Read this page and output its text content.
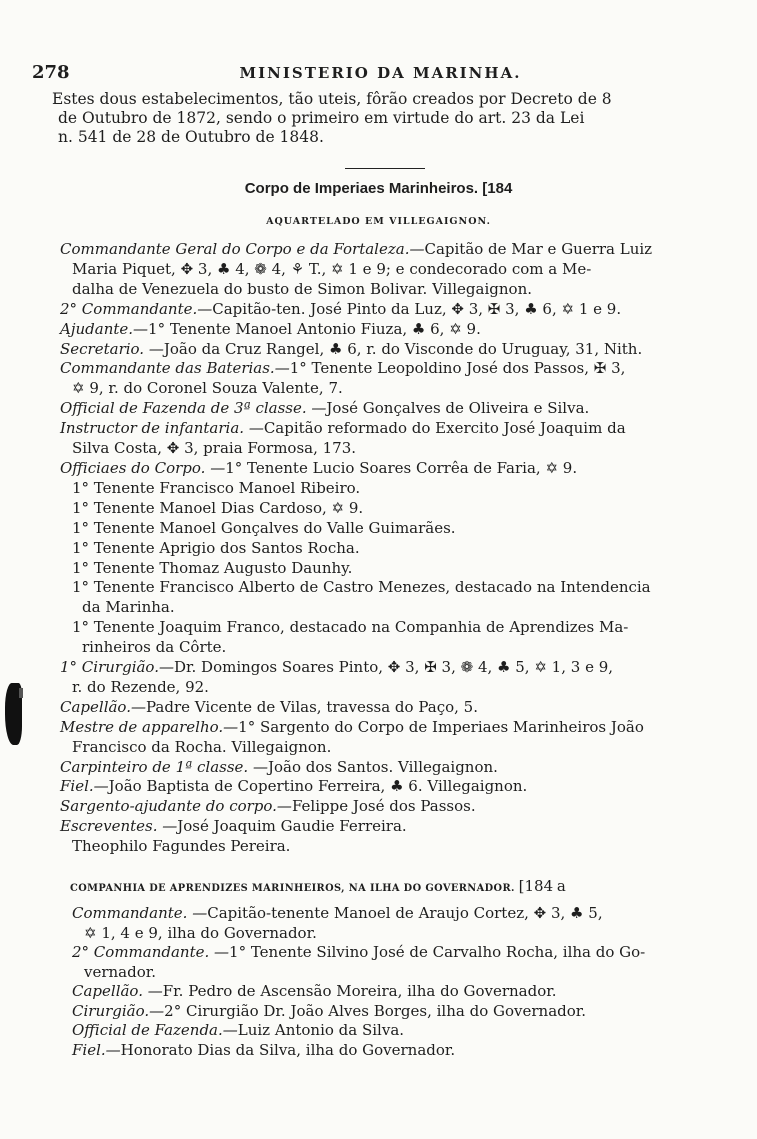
278	MINISTERIO DA MARINHA.
Estes dous estabelecimentos, tão uteis, fôrão creados por Decreto de 8
de Outubro de 1872, sendo o primeiro em virtude do art. 23 da Lei
n. 541 de 28 de Outubro de 1848.
Corpo de Imperiaes Marinheiros. [184
AQUARTELADO EM VILLEGAIGNON.
Commandante Geral do Corpo e da Fortaleza.—Capitão de Mar e Guerra Luiz
Maria Piquet, ✥ 3, ♣ 4, ❁ 4, ⚘ T., ✡ 1 e 9; e condecorado com a Me-
dalha de Venezuela do busto de Simon Bolivar. Villegaignon.
2° Commandante.—Capitão-ten. José Pinto da Luz, ✥ 3, ✠ 3, ♣ 6, ✡ 1 e 9.
Ajudante.—1° Tenente Manoel Antonio Fiuza, ♣ 6, ✡ 9.
Secretario. —João da Cruz Rangel, ♣ 6, r. do Visconde do Uruguay, 31, Nith.
Commandante das Baterias.—1° Tenente Leopoldino José dos Passos, ✠ 3,
✡ 9, r. do Coronel Souza Valente, 7.
Official de Fazenda de 3ª classe. —José Gonçalves de Oliveira e Silva.
Instructor de infantaria. —Capitão reformado do Exercito José Joaquim da
Silva Costa, ✥ 3, praia Formosa, 173.
Officiaes do Corpo. —1° Tenente Lucio Soares Corrêa de Faria, ✡ 9.
1° Tenente Francisco Manoel Ribeiro.
1° Tenente Manoel Dias Cardoso, ✡ 9.
1° Tenente Manoel Gonçalves do Valle Guimarães.
1° Tenente Aprigio dos Santos Rocha.
1° Tenente Thomaz Augusto Daunhy.
1° Tenente Francisco Alberto de Castro Menezes, destacado na Intendencia
da Marinha.
1° Tenente Joaquim Franco, destacado na Companhia de Aprendizes Ma-
rinheiros da Côrte.
1° Cirurgião.—Dr. Domingos Soares Pinto, ✥ 3, ✠ 3, ❁ 4, ♣ 5, ✡ 1, 3 e 9,
r. do Rezende, 92.
Capellão.—Padre Vicente de Vilas, travessa do Paço, 5.
Mestre de apparelho.—1° Sargento do Corpo de Imperiaes Marinheiros João
Francisco da Rocha. Villegaignon.
Carpinteiro de 1ª classe. —João dos Santos. Villegaignon.
Fiel.—João Baptista de Copertino Ferreira, ♣ 6. Villegaignon.
Sargento-ajudante do corpo.—Felippe José dos Passos.
Escreventes. —José Joaquim Gaudie Ferreira.
Theophilo Fagundes Pereira.
COMPANHIA DE APRENDIZES MARINHEIROS, NA ILHA DO GOVERNADOR. [184 a
Commandante. —Capitão-tenente Manoel de Araujo Cortez, ✥ 3, ♣ 5,
✡ 1, 4 e 9, ilha do Governador.
2° Commandante. —1° Tenente Silvino José de Carvalho Rocha, ilha do Go-
vernador.
Capellão. —Fr. Pedro de Ascensão Moreira, ilha do Governador.
Cirurgião.—2° Cirurgião Dr. João Alves Borges, ilha do Governador.
Official de Fazenda.—Luiz Antonio da Silva.
Fiel.—Honorato Dias da Silva, ilha do Governador.
